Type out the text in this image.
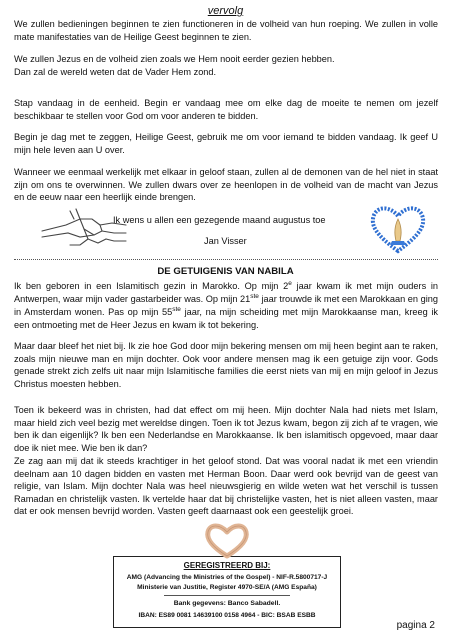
vervolg

We zullen bedieningen beginnen te zien functioneren in de volheid van hun roeping. We zullen in volle mate manifestaties van de Heilige Geest beginnen te zien.

We zullen Jezus en de volheid zien zoals we Hem nooit eerder gezien hebben.
Dan zal de wereld weten dat de Vader Hem zond.

Stap vandaag in de eenheid. Begin er vandaag mee om elke dag de moeite te nemen om jezelf beschikbaar te stellen voor God om voor anderen te bidden.

Begin je dag met te zeggen, Heilige Geest, gebruik me om voor iemand te bidden vandaag. Ik geef U mijn hele leven aan U over.

Wanneer we eenmaal werkelijk met elkaar in geloof staan, zullen al de demonen van de hel niet in staat zijn om ons te overwinnen. We zullen dwars over ze heenlopen in de volheid van de macht van Jezus en de eeuw naar een heerlijk einde brengen.

Ik wens u allen een gezegende maand augustus toe
Jan Visser
DE GETUIGENIS VAN NABILA

Ik ben geboren in een Islamitisch gezin in Marokko. Op mijn 2e jaar kwam ik met mijn ouders in Antwerpen, waar mijn vader gastarbeider was. Op mijn 21ste jaar trouwde ik met een Marokkaan en ging in Amsterdam wonen. Pas op mijn 55ste jaar, na mijn scheiding met mijn Marokkaanse man, kreeg ik een ontmoeting met de Heer Jezus en kwam ik tot bekering.

Maar daar bleef het niet bij. Ik zie hoe God door mijn bekering mensen om mij heen begint aan te raken, zoals mijn nieuwe man en mijn dochter. Ook voor andere mensen mag ik een getuige zijn voor. Gods genade strekt zich zelfs uit naar mijn Islamitische families die eerst niets van mij en mijn geloof in Jezus Christus moesten hebben.

Toen ik bekeerd was in christen, had dat effect om mij heen. Mijn dochter Nala had niets met Islam, maar hield zich veel bezig met wereldse dingen. Toen ik tot Jezus kwam, begon zij zich af te vragen, wie ben ik dan eigenlijk? Ik ben een Nederlandse en Marokkaanse. Ik ben islamitisch opgevoed, maar daar doe ik niet mee. Wie ben ik dan?

Ze zag aan mij dat ik steeds krachtiger in het geloof stond. Dat was vooral nadat ik met een vriendin deelnam aan 10 dagen bidden en vasten met Herman Boon. Daar werd ook bevrijd van de geest van religie, van Islam. Mijn dochter Nala was heel nieuwsgierig en wilde weten wat het verschil is tussen Ramadan en christelijk vasten. Ik vertelde haar dat bij christelijke vasten, het is niet alleen vasten, maar dat er ook mensen bevrijd worden. Vasten geeft daarnaast ook een geestelijk groei.

GEREGISTREERD BIJ:
AMG (Advancing the Ministries of the Gospel) - NIF-R.5800717-J
Ministerie van Justitie, Register 4970-SE/A (AMG España)
Bank gegevens: Banco Sabadell.
IBAN: ES89 0081 14639100 0158 4964 - BIC: BSAB ESBB
pagina 2
